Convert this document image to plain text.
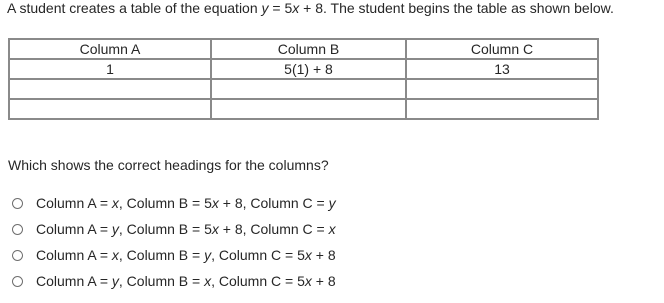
A student creates a table of the equation y = 5x + 8. The student begins the table as shown below.
Column A	Column B	Column C
1	5(1) + 8	13

Which shows the correct headings for the columns?
Column A = x, Column B = 5x + 8, Column C = y
Column A = y, Column B = 5x + 8, Column C = x
Column A = x, Column B = y, Column C = 5x + 8
Column A = y, Column B = x, Column C = 5x + 8
